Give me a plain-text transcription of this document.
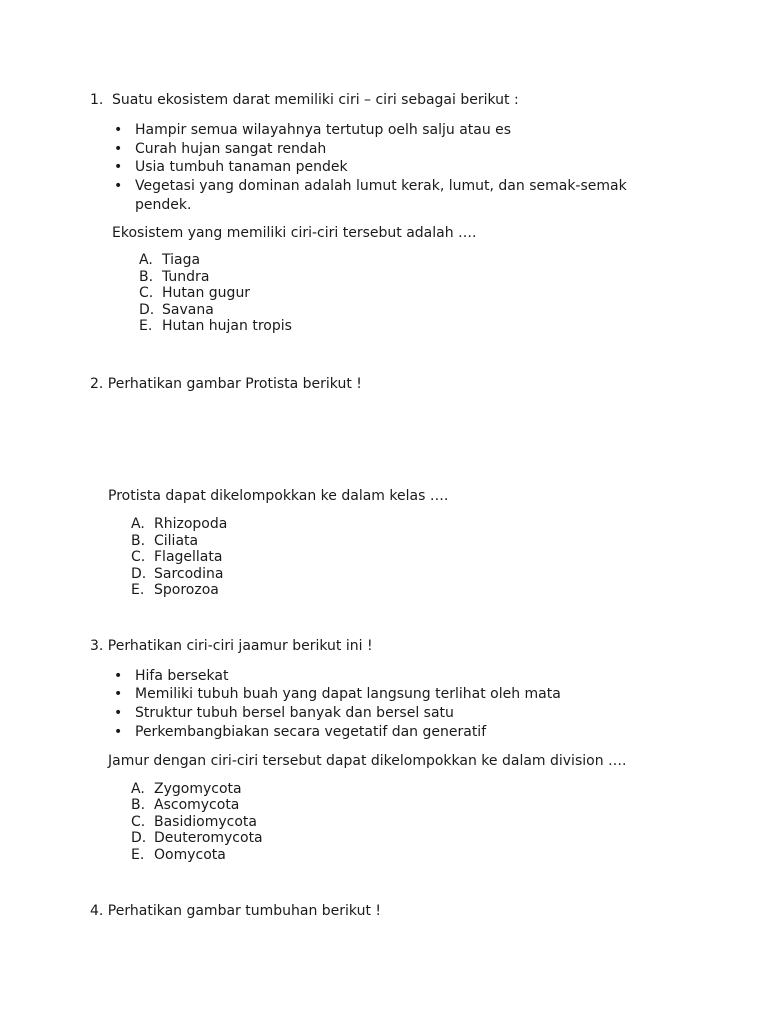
1. Suatu ekosistem darat memiliki ciri – ciri sebagai berikut :
• Hampir semua wilayahnya tertutup oelh salju atau es
• Curah hujan sangat rendah
• Usia tumbuh tanaman pendek
• Vegetasi yang dominan adalah lumut kerak, lumut, dan semak-semak
pendek.
Ekosistem yang memiliki ciri-ciri tersebut adalah ….
A. Tiaga
B. Tundra
C. Hutan gugur
D. Savana
E. Hutan hujan tropis
2. Perhatikan gambar Protista berikut !
Protista dapat dikelompokkan ke dalam kelas ….
A. Rhizopoda
B. Ciliata
C. Flagellata
D. Sarcodina
E. Sporozoa
3. Perhatikan ciri-ciri jaamur berikut ini !
• Hifa bersekat
• Memiliki tubuh buah yang dapat langsung terlihat oleh mata
• Struktur tubuh bersel banyak dan bersel satu
• Perkembangbiakan secara vegetatif dan generatif
Jamur dengan ciri-ciri tersebut dapat dikelompokkan ke dalam division ….
A. Zygomycota
B. Ascomycota
C. Basidiomycota
D. Deuteromycota
E. Oomycota
4. Perhatikan gambar tumbuhan berikut !
